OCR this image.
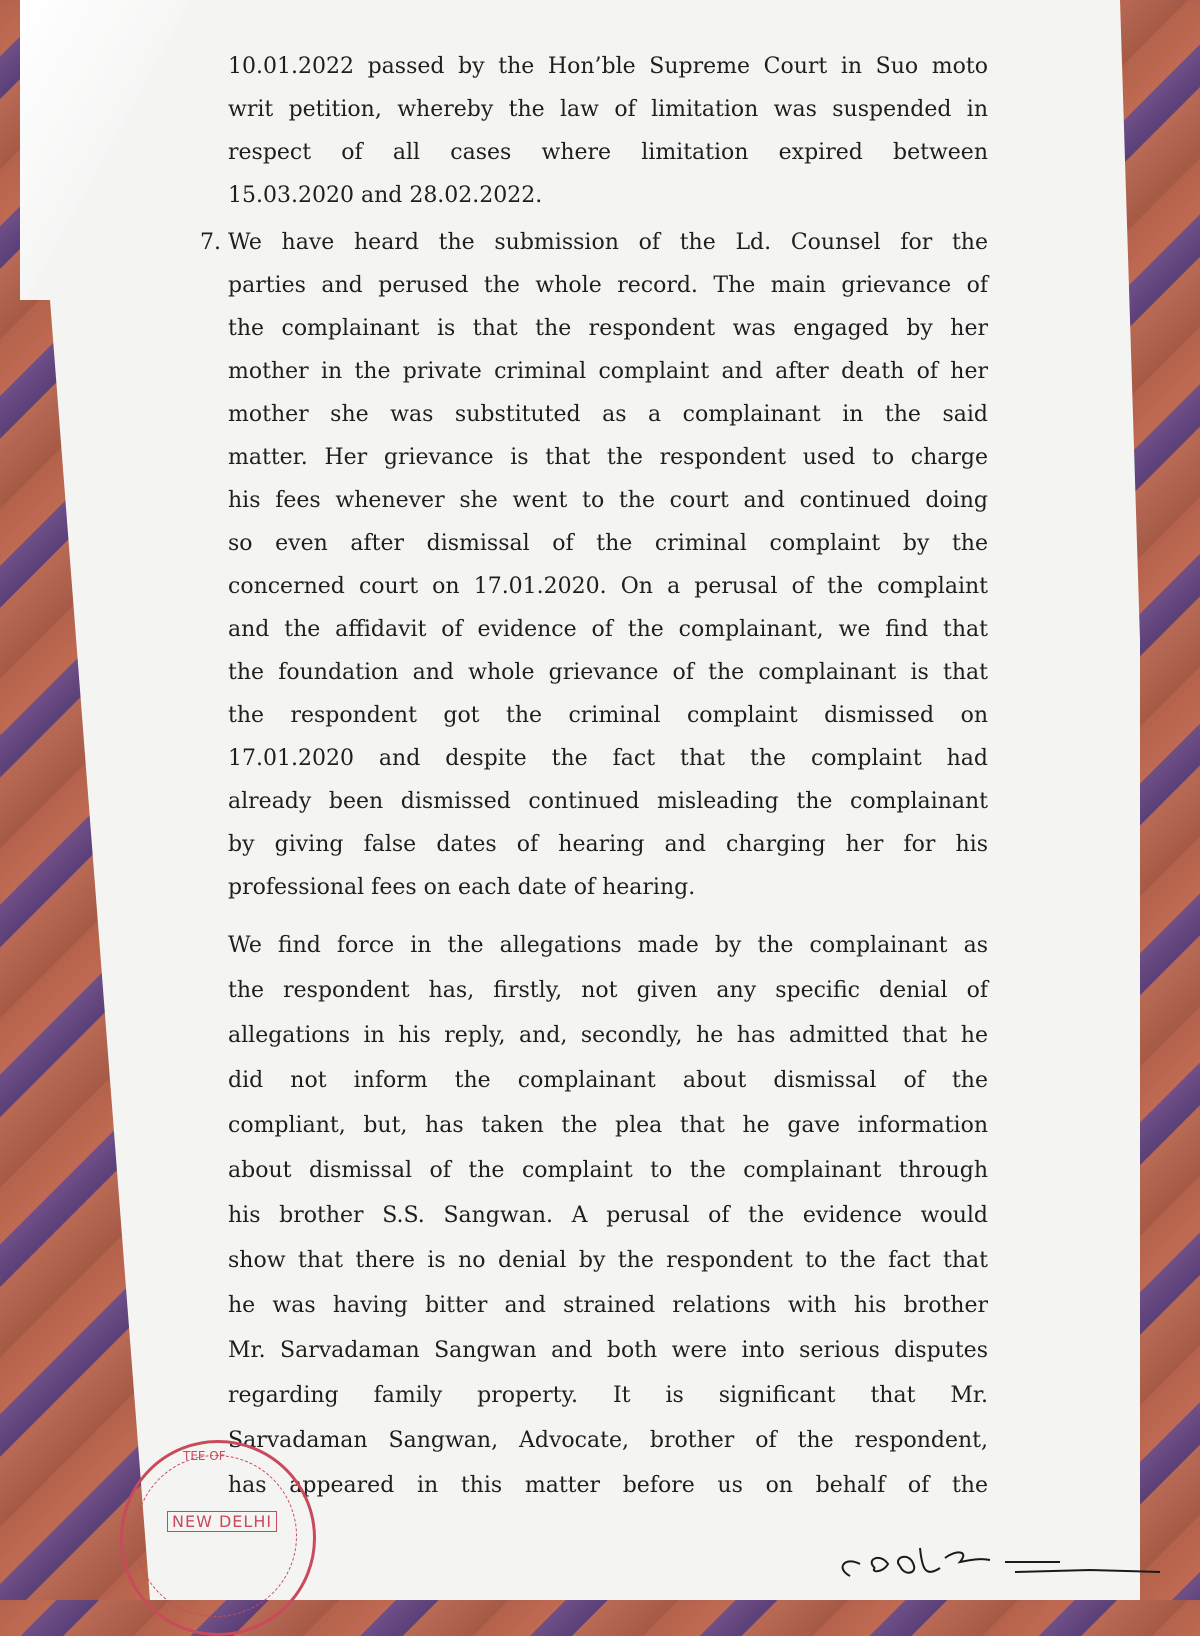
10.01.2022 passed by the Hon’ble Supreme Court in Suo moto
writ petition, whereby the law of limitation was suspended in
respect of all cases where limitation expired between
15.03.2020 and 28.02.2022.
7. We have heard the submission of the Ld. Counsel for the
parties and perused the whole record. The main grievance of
the complainant is that the respondent was engaged by her
mother in the private criminal complaint and after death of her
mother she was substituted as a complainant in the said
matter. Her grievance is that the respondent used to charge
his fees whenever she went to the court and continued doing
so even after dismissal of the criminal complaint by the
concerned court on 17.01.2020. On a perusal of the complaint
and the affidavit of evidence of the complainant, we find that
the foundation and whole grievance of the complainant is that
the respondent got the criminal complaint dismissed on
17.01.2020 and despite the fact that the complaint had
already been dismissed continued misleading the complainant
by giving false dates of hearing and charging her for his
professional fees on each date of hearing.
We find force in the allegations made by the complainant as
the respondent has, firstly, not given any specific denial of
allegations in his reply, and, secondly, he has admitted that he
did not inform the complainant about dismissal of the
compliant, but, has taken the plea that he gave information
about dismissal of the complaint to the complainant through
his brother S.S. Sangwan. A perusal of the evidence would
show that there is no denial by the respondent to the fact that
he was having bitter and strained relations with his brother
Mr. Sarvadaman Sangwan and both were into serious disputes
regarding family property. It is significant that Mr.
Sarvadaman Sangwan, Advocate, brother of the respondent,
has appeared in this matter before us on behalf of the
TEE OF
NEW DELHI
